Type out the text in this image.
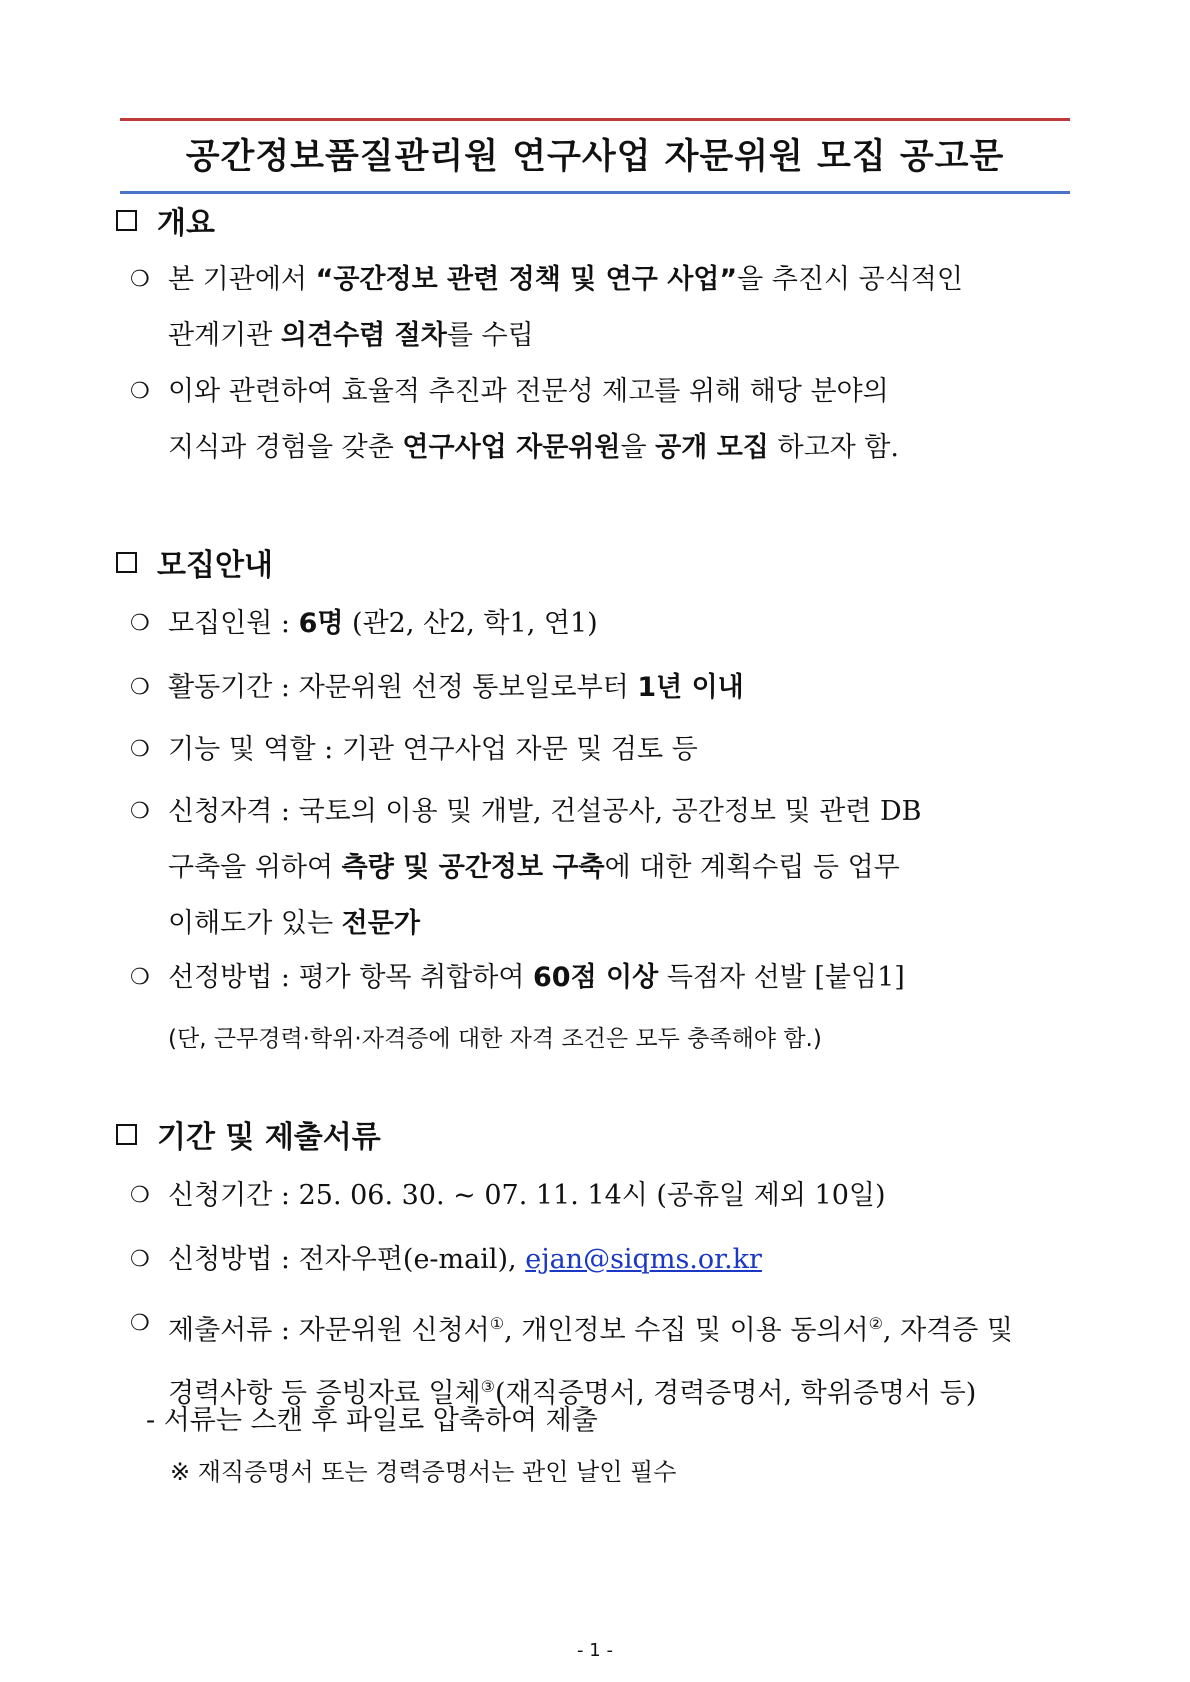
공간정보품질관리원 연구사업 자문위원 모집 공고문
개요
❍ 본 기관에서 “공간정보 관련 정책 및 연구 사업”을 추진시 공식적인
관계기관 의견수렴 절차를 수립
❍ 이와 관련하여 효율적 추진과 전문성 제고를 위해 해당 분야의
지식과 경험을 갖춘 연구사업 자문위원을 공개 모집 하고자 함.
모집안내
❍ 모집인원 : 6명 (관2, 산2, 학1, 연1)
❍ 활동기간 : 자문위원 선정 통보일로부터 1년 이내
❍ 기능 및 역할 : 기관 연구사업 자문 및 검토 등
❍ 신청자격 : 국토의 이용 및 개발, 건설공사, 공간정보 및 관련 DB
구축을 위하여 측량 및 공간정보 구축에 대한 계획수립 등 업무
이해도가 있는 전문가
❍ 선정방법 : 평가 항목 취합하여 60점 이상 득점자 선발 [붙임1]
(단, 근무경력·학위·자격증에 대한 자격 조건은 모두 충족해야 함.)
기간 및 제출서류
❍ 신청기간 : 25. 06. 30. ~ 07. 11. 14시 (공휴일 제외 10일)
❍ 신청방법 : 전자우편(e-mail), ejan@siqms.or.kr
❍ 제출서류 : 자문위원 신청서①, 개인정보 수집 및 이용 동의서②, 자격증 및
경력사항 등 증빙자료 일체③(재직증명서, 경력증명서, 학위증명서 등)
- 서류는 스캔 후 파일로 압축하여 제출
※ 재직증명서 또는 경력증명서는 관인 날인 필수
- 1 -
